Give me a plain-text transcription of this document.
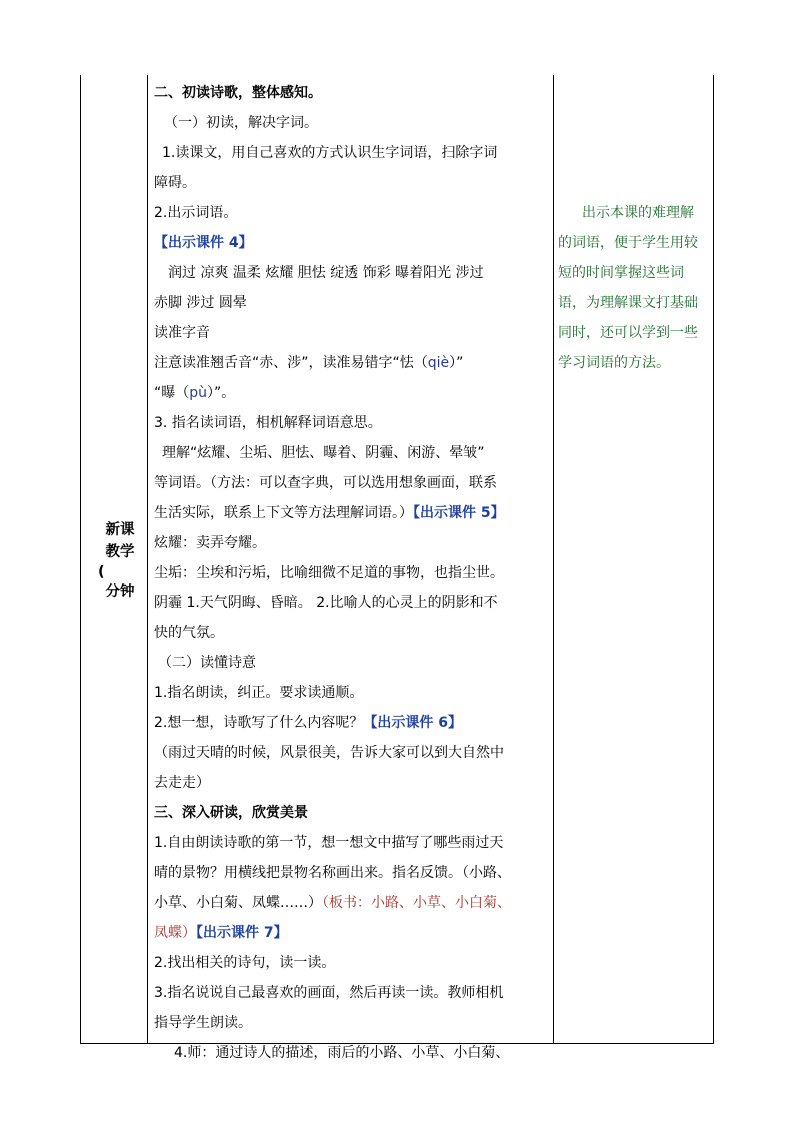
新课
教学
(
分钟
二、初读诗歌，整体感知。
（一）初读，解决字词。
1.读课文，用自己喜欢的方式认识生字词语，扫除字词
障碍。
2.出示词语。
【出示课件 4】
润过 凉爽 温柔 炫耀 胆怯 绽透 饰彩 曝着阳光 涉过
赤脚 涉过 圆晕
读准字音
注意读准翘舌音“赤、涉”，读准易错字“怯（qiè）”
“曝（pù）”。
3. 指名读词语，相机解释词语意思。
理解“炫耀、尘垢、胆怯、曝着、阴霾、闲游、晕皱”
等词语。（方法：可以查字典，可以选用想象画面，联系
生活实际，联系上下文等方法理解词语。）【出示课件 5】
炫耀：卖弄夸耀。
尘垢：尘埃和污垢，比喻细微不足道的事物，也指尘世。
阴霾 1.天气阴晦、昏暗。 2.比喻人的心灵上的阴影和不
快的气氛。
（二）读懂诗意
1.指名朗读，纠正。要求读通顺。
2.想一想，诗歌写了什么内容呢？【出示课件 6】
（雨过天晴的时候，风景很美，告诉大家可以到大自然中
去走走）
三、深入研读，欣赏美景
1.自由朗读诗歌的第一节，想一想文中描写了哪些雨过天
晴的景物？用横线把景物名称画出来。指名反馈。（小路、
小草、小白菊、凤蝶……）（板书：小路、小草、小白菊、
凤蝶）【出示课件 7】
2.找出相关的诗句，读一读。
3.指名说说自己最喜欢的画面，然后再读一读。教师相机
指导学生朗读。
4.师：通过诗人的描述，雨后的小路、小草、小白菊、
出示本课的难理解
的词语，便于学生用较
短的时间掌握这些词
语，为理解课文打基础
同时，还可以学到一些
学习词语的方法。
